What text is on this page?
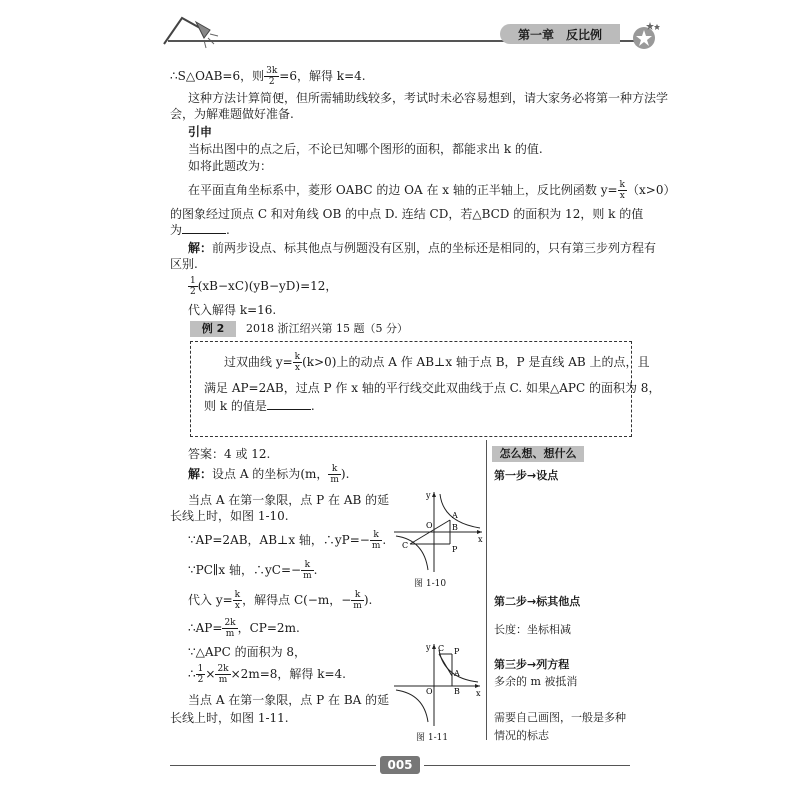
第一章 反比例
∴S△OAB=6，则 $\frac{3k}{2} =6$，解得 k=4.
这种方法计算简便，但所需辅助线较多，考试时未必容易想到，请大家务必将第一种方法学
会，为解难题做好准备.
引申
当标出图中的点之后，不论已知哪个图形的面积，都能求出 k 的值.
如将此题改为：
在平面直角坐标系中，菱形 OABC 的边 OA 在 x 轴的正半轴上，反比例函数 $y= \frac{k}{x} (x>0)$
的图象经过顶点 C 和对角线 OB 的中点 D. 连结 CD，若△BCD 的面积为 12，则 k 的值
为	.
解：前两步设点、标其他点与例题没有区别，点的坐标还是相同的，只有第三步列方程有
区别.
$\frac{1}{2} (xB-xC)(yB-yD)=12$，
代入解得 k=16.
例 2	2018 浙江绍兴第 15 题（5 分）
过双曲线 $y= \frac{k}{x} (k>0)$上的动点 A 作 AB⊥x 轴于点 B，P 是直线 AB 上的点，且
满足 AP=2AB，过点 P 作 x 轴的平行线交此双曲线于点 C. 如果△APC 的面积为 8，
则 k 的值是	.
答案：4 或 12.
解：设点 A 的坐标为(m， $\frac{k}{m}$ ).
当点 A 在第一象限，点 P 在 AB 的延
长线上时，如图 1-10.
∵AP=2AB，AB⊥x 轴，∴yP=− $\frac{k}{m}$ .
∵PC∥x 轴，∴yC=− $\frac{k}{m}$ .
代入 $y= \frac{k}{x}$ ，解得点 C(−m，− $\frac{k}{m}$ ).
∴AP= $\frac{2k}{m}$ ，CP=2m.
∵△APC 的面积为 8，
∴ $\frac{1}{2} \times \frac{2k}{m} \times 2m=8$，解得 k=4.
当点 A 在第一象限，点 P 在 BA 的延
长线上时，如图 1-11.
y
x
O
A
B
C	P
图 1-10
y
x
O
C P
A
B
图 1-11
怎么想、想什么
第一步→设点
第二步→标其他点
长度：坐标相减
第三步→列方程
多余的 m 被抵消
需要自己画图，一般是多种
情况的标志
005
